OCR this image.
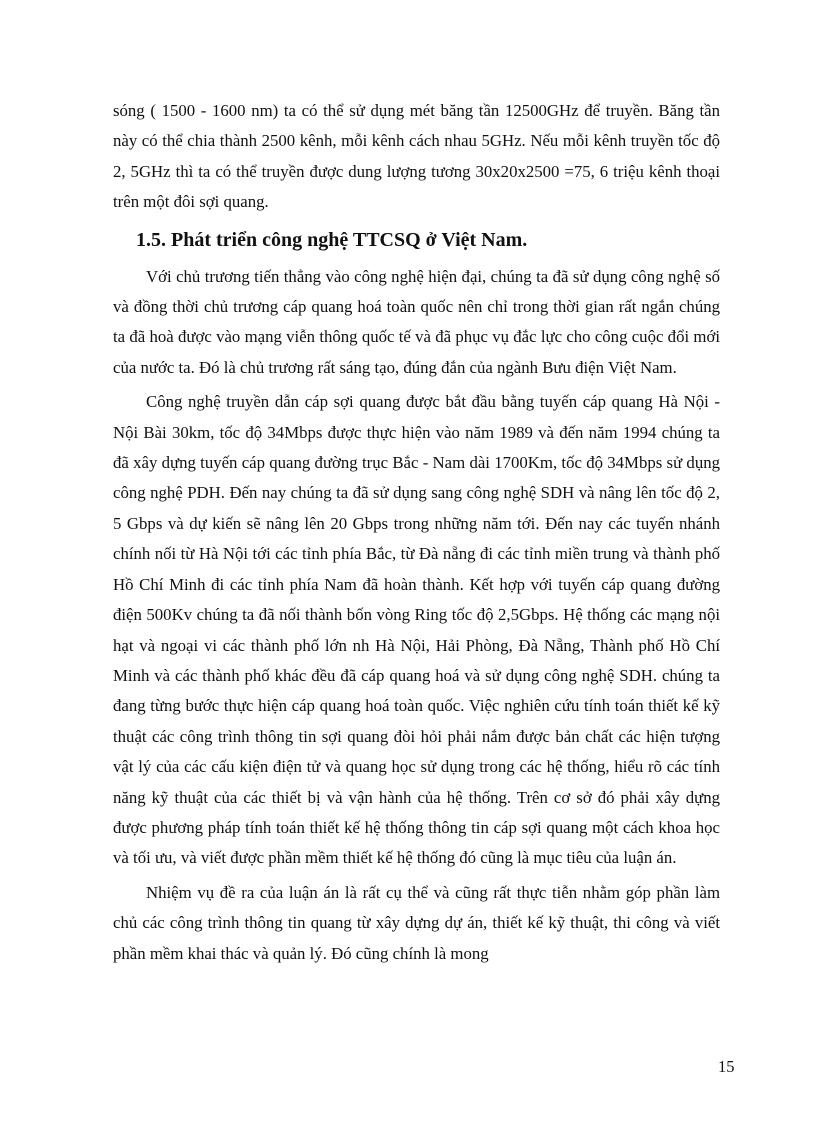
sóng ( 1500 - 1600 nm) ta có thể sử dụng mét băng tần 12500GHz để truyền. Băng tần này có thể chia thành 2500 kênh, mỗi kênh cách nhau 5GHz. Nếu mỗi kênh truyền tốc độ 2, 5GHz thì ta có thể truyền được dung lượng tương 30x20x2500 =75, 6 triệu kênh thoại trên một đôi sợi quang.

1.5. Phát triển công nghệ TTCSQ ở Việt Nam.

Với chủ trương tiến thẳng vào công nghệ hiện đại, chúng ta đã sử dụng công nghệ số và đồng thời chủ trương cáp quang hoá toàn quốc nên chỉ trong thời gian rất ngắn chúng ta đã hoà được vào mạng viễn thông quốc tế và đã phục vụ đắc lực cho công cuộc đổi mới của nước ta. Đó là chủ trương rất sáng tạo, đúng đắn của ngành Bưu điện Việt Nam.

Công nghệ truyền dẫn cáp sợi quang được bắt đầu bằng tuyến cáp quang Hà Nội - Nội Bài 30km, tốc độ 34Mbps được thực hiện vào năm 1989 và đến năm 1994 chúng ta đã xây dựng tuyến cáp quang đường trục Bắc - Nam dài 1700Km, tốc độ 34Mbps sử dụng công nghệ PDH. Đến nay chúng ta đã sử dụng sang công nghệ SDH và nâng lên tốc độ 2, 5 Gbps và dự kiến sẽ nâng lên 20 Gbps trong những năm tới. Đến nay các tuyến nhánh chính nối từ Hà Nội tới các tỉnh phía Bắc, từ Đà nẵng đi các tỉnh miền trung và thành phố Hồ Chí Minh đi các tỉnh phía Nam đã hoàn thành. Kết hợp với tuyến cáp quang đường điện 500Kv chúng ta đã nối thành bốn vòng Ring tốc độ 2,5Gbps. Hệ thống các mạng nội hạt và ngoại vi các thành phố lớn nh Hà Nội, Hải Phòng, Đà Nẵng, Thành phố Hồ Chí Minh và các thành phố khác đều đã cáp quang hoá và sử dụng công nghệ SDH. chúng ta đang từng bước thực hiện cáp quang hoá toàn quốc. Việc nghiên cứu tính toán thiết kế kỹ thuật các công trình thông tin sợi quang đòi hỏi phải nắm được bản chất các hiện tượng vật lý của các cấu kiện điện tử và quang học sử dụng trong các hệ thống, hiểu rõ các tính năng kỹ thuật của các thiết bị và vận hành của hệ thống. Trên cơ sở đó phải xây dựng được phương pháp tính toán thiết kế hệ thống thông tin cáp sợi quang một cách khoa học và tối ưu, và viết được phần mềm thiết kế hệ thống đó cũng là mục tiêu của luận án.

Nhiệm vụ đề ra của luận án là rất cụ thể và cũng rất thực tiễn nhằm góp phần làm chủ các công trình thông tin quang từ xây dựng dự án, thiết kế kỹ thuật, thi công và viết phần mềm khai thác và quản lý. Đó cũng chính là mong

15
